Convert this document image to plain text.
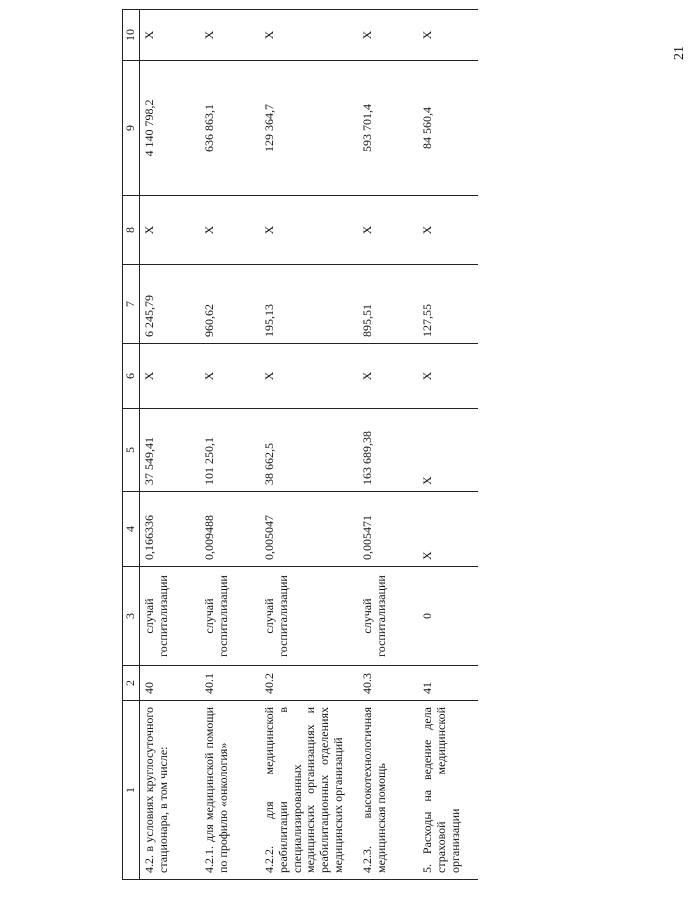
21
1	2	3	4	5	6	7	8	9	10
4.2. в условиях круглосуточного стационара, в том числе:	40	случай госпитализации	0,166336	37 549,41	Х	6 245,79	Х	4 140 798,2	Х
4.2.1. для медицинской помощи по профилю «онкология»	40.1	случай госпитализации	0,009488	101 250,1	Х	960,62	Х	636 863,1	Х
4.2.2. для медицинской реабилитации в специализированных медицинских организациях и реабилитационных отделениях медицинских организаций	40.2	случай госпитализации	0,005047	38 662,5	Х	195,13	Х	129 364,7	Х
4.2.3. высокотехнологичная медицинская помощь	40.3	случай госпитализации	0,005471	163 689,38	Х	895,51	Х	593 701,4	Х
5. Расходы на ведение дела страховой медицинской организации	41	0	Х	Х	Х	127,55	Х	84 560,4	Х
